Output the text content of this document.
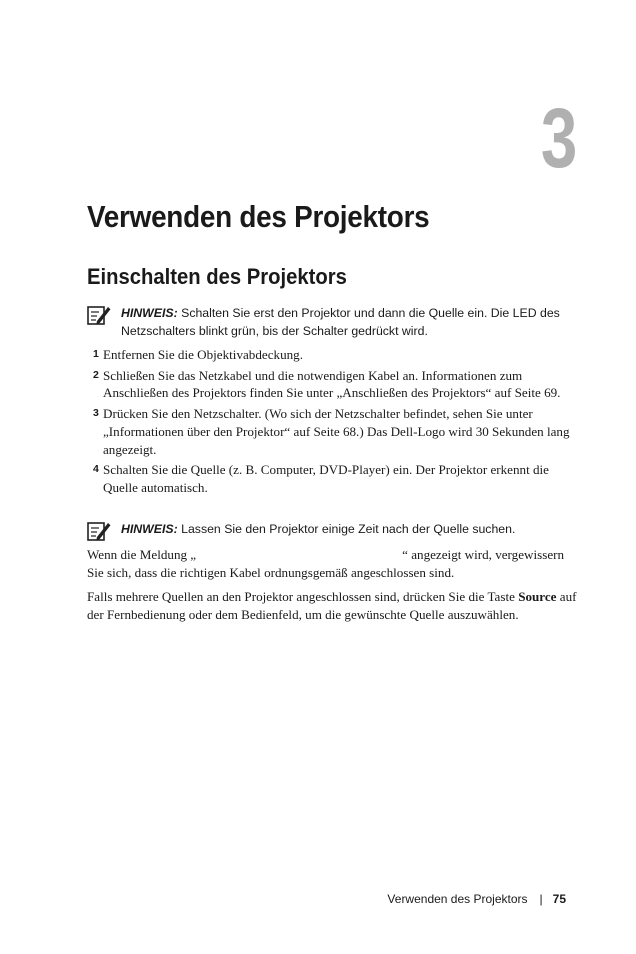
3
Verwenden des Projektors
Einschalten des Projektors
HINWEIS: Schalten Sie erst den Projektor und dann die Quelle ein. Die LED des Netzschalters blinkt grün, bis der Schalter gedrückt wird.
1 Entfernen Sie die Objektivabdeckung.
2 Schließen Sie das Netzkabel und die notwendigen Kabel an. Informationen zum Anschließen des Projektors finden Sie unter „Anschließen des Projektors“ auf Seite 69.
3 Drücken Sie den Netzschalter. (Wo sich der Netzschalter befindet, sehen Sie unter „Informationen über den Projektor“ auf Seite 68.) Das Dell-Logo wird 30 Sekunden lang angezeigt.
4 Schalten Sie die Quelle (z. B. Computer, DVD-Player) ein. Der Projektor erkennt die Quelle automatisch.
HINWEIS: Lassen Sie den Projektor einige Zeit nach der Quelle suchen.

Wenn die Meldung „	“ angezeigt wird, vergewissern Sie sich, dass die richtigen Kabel ordnungsgemäß angeschlossen sind.

Falls mehrere Quellen an den Projektor angeschlossen sind, drücken Sie die Taste Source auf der Fernbedienung oder dem Bedienfeld, um die gewünschte Quelle auszuwählen.

Verwenden des Projektors | 75
